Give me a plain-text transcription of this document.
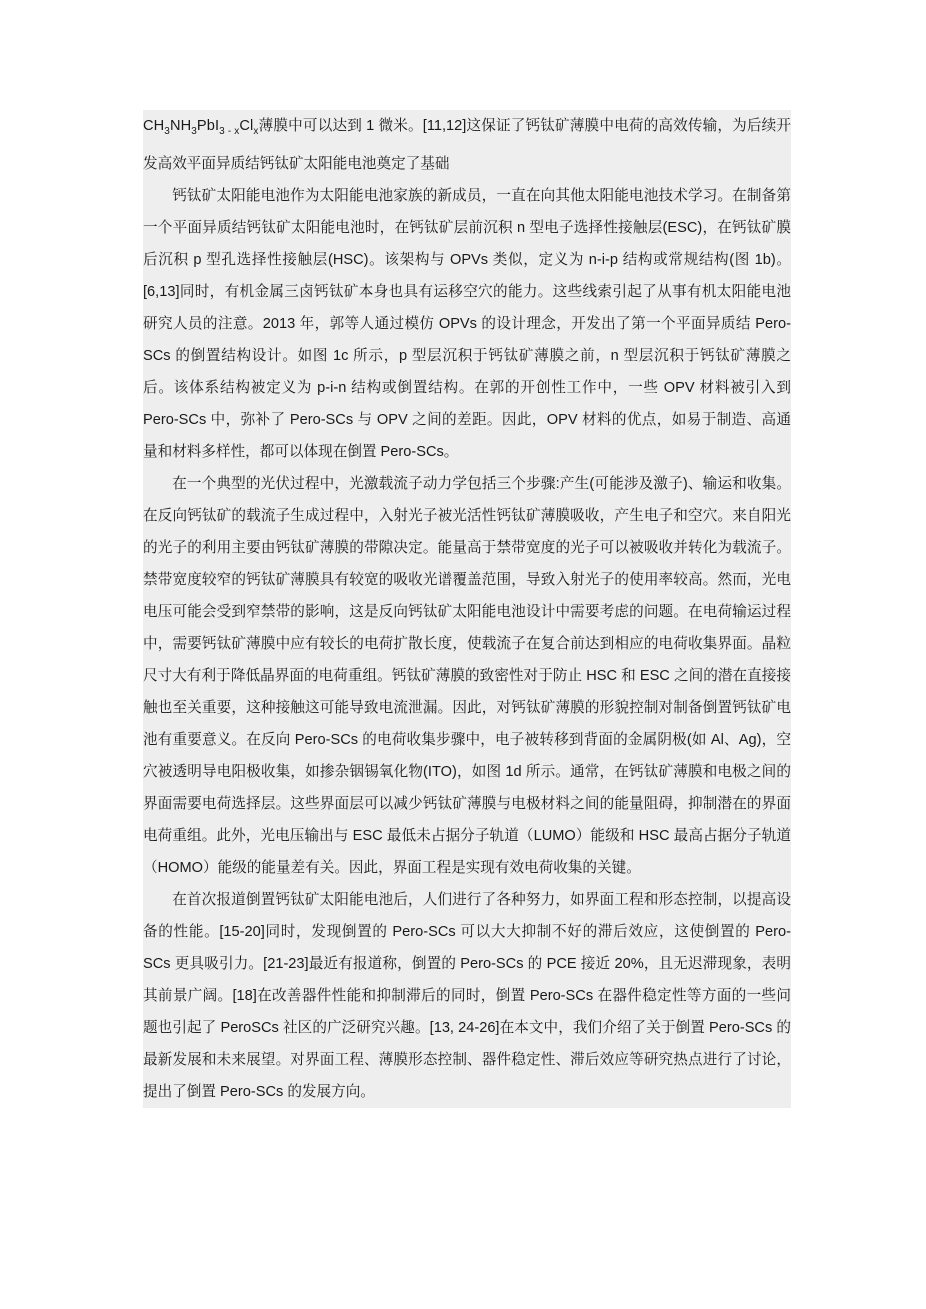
$CH_3NH_3PbI_{3 - x}Cl_x$薄膜中可以达到 1 微米。[11,12]这保证了钙钛矿薄膜中电荷的高效传输，为后续开发高效平面异质结钙钛矿太阳能电池奠定了基础

钙钛矿太阳能电池作为太阳能电池家族的新成员，一直在向其他太阳能电池技术学习。在制备第一个平面异质结钙钛矿太阳能电池时，在钙钛矿层前沉积 n 型电子选择性接触层(ESC)，在钙钛矿膜后沉积 p 型孔选择性接触层(HSC)。该架构与 OPVs 类似，定义为 n-i-p 结构或常规结构(图 1b)。[6,13]同时，有机金属三卤钙钛矿本身也具有运移空穴的能力。这些线索引起了从事有机太阳能电池研究人员的注意。2013 年，郭等人通过模仿 OPVs 的设计理念，开发出了第一个平面异质结 Pero-SCs 的倒置结构设计。如图 1c 所示，p 型层沉积于钙钛矿薄膜之前，n 型层沉积于钙钛矿薄膜之后。该体系结构被定义为 p-i-n 结构或倒置结构。在郭的开创性工作中，一些 OPV 材料被引入到 Pero-SCs 中，弥补了 Pero-SCs 与 OPV 之间的差距。因此，OPV 材料的优点，如易于制造、高通量和材料多样性，都可以体现在倒置 Pero-SCs。

在一个典型的光伏过程中，光激载流子动力学包括三个步骤:产生(可能涉及激子)、输运和收集。在反向钙钛矿的载流子生成过程中，入射光子被光活性钙钛矿薄膜吸收，产生电子和空穴。来自阳光的光子的利用主要由钙钛矿薄膜的带隙决定。能量高于禁带宽度的光子可以被吸收并转化为载流子。禁带宽度较窄的钙钛矿薄膜具有较宽的吸收光谱覆盖范围，导致入射光子的使用率较高。然而，光电电压可能会受到窄禁带的影响，这是反向钙钛矿太阳能电池设计中需要考虑的问题。在电荷输运过程中，需要钙钛矿薄膜中应有较长的电荷扩散长度，使载流子在复合前达到相应的电荷收集界面。晶粒尺寸大有利于降低晶界面的电荷重组。钙钛矿薄膜的致密性对于防止 HSC 和 ESC 之间的潜在直接接触也至关重要，这种接触这可能导致电流泄漏。因此，对钙钛矿薄膜的形貌控制对制备倒置钙钛矿电池有重要意义。在反向 Pero-SCs 的电荷收集步骤中，电子被转移到背面的金属阴极(如 Al、Ag)，空穴被透明导电阳极收集，如掺杂铟锡氧化物(ITO)，如图 1d 所示。通常，在钙钛矿薄膜和电极之间的界面需要电荷选择层。这些界面层可以减少钙钛矿薄膜与电极材料之间的能量阻碍，抑制潜在的界面电荷重组。此外，光电压输出与 ESC 最低未占据分子轨道（LUMO）能级和 HSC 最高占据分子轨道（HOMO）能级的能量差有关。因此，界面工程是实现有效电荷收集的关键。

在首次报道倒置钙钛矿太阳能电池后，人们进行了各种努力，如界面工程和形态控制，以提高设备的性能。[15-20]同时，发现倒置的 Pero-SCs 可以大大抑制不好的滞后效应，这使倒置的 Pero-SCs 更具吸引力。[21-23]最近有报道称，倒置的 Pero-SCs 的 PCE 接近 20%，且无迟滞现象，表明其前景广阔。[18]在改善器件性能和抑制滞后的同时，倒置 Pero-SCs 在器件稳定性等方面的一些问题也引起了 PeroSCs 社区的广泛研究兴趣。[13, 24-26]在本文中，我们介绍了关于倒置 Pero-SCs 的最新发展和未来展望。对界面工程、薄膜形态控制、器件稳定性、滞后效应等研究热点进行了讨论，提出了倒置 Pero-SCs 的发展方向。
